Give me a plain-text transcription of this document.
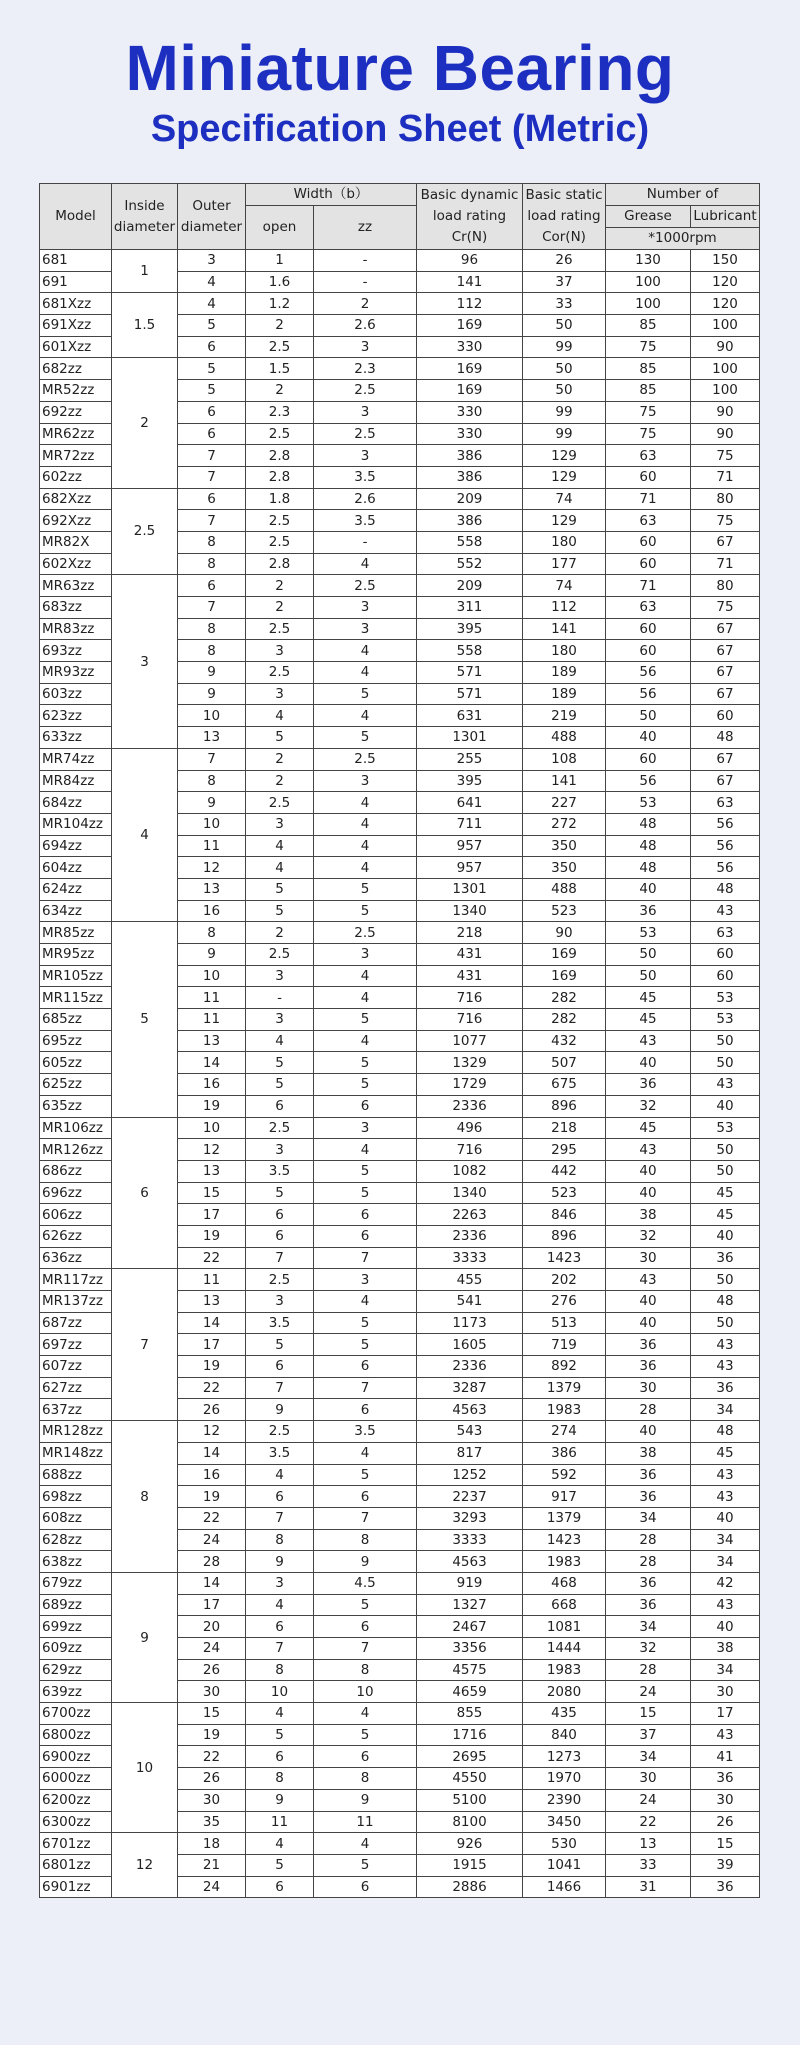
Miniature Bearing
Specification Sheet (Metric)
Model	Inside diameter	Outer diameter	Width（b）		Basic dynamic load rating Cr(N)	Basic static load rating Cor(N)	Number of	
			open	zz			Grease	Lubricant
							*1000rpm	
681	1	3	1	-	96	26	130	150
691		4	1.6	-	141	37	100	120
681Xzz	1.5	4	1.2	2	112	33	100	120
691Xzz		5	2	2.6	169	50	85	100
601Xzz		6	2.5	3	330	99	75	90
682zz	2	5	1.5	2.3	169	50	85	100
MR52zz		5	2	2.5	169	50	85	100
692zz		6	2.3	3	330	99	75	90
MR62zz		6	2.5	2.5	330	99	75	90
MR72zz		7	2.8	3	386	129	63	75
602zz		7	2.8	3.5	386	129	60	71
682Xzz	2.5	6	1.8	2.6	209	74	71	80
692Xzz		7	2.5	3.5	386	129	63	75
MR82X		8	2.5	-	558	180	60	67
602Xzz		8	2.8	4	552	177	60	71
MR63zz	3	6	2	2.5	209	74	71	80
683zz		7	2	3	311	112	63	75
MR83zz		8	2.5	3	395	141	60	67
693zz		8	3	4	558	180	60	67
MR93zz		9	2.5	4	571	189	56	67
603zz		9	3	5	571	189	56	67
623zz		10	4	4	631	219	50	60
633zz		13	5	5	1301	488	40	48
MR74zz	4	7	2	2.5	255	108	60	67
MR84zz		8	2	3	395	141	56	67
684zz		9	2.5	4	641	227	53	63
MR104zz		10	3	4	711	272	48	56
694zz		11	4	4	957	350	48	56
604zz		12	4	4	957	350	48	56
624zz		13	5	5	1301	488	40	48
634zz		16	5	5	1340	523	36	43
MR85zz	5	8	2	2.5	218	90	53	63
MR95zz		9	2.5	3	431	169	50	60
MR105zz		10	3	4	431	169	50	60
MR115zz		11	-	4	716	282	45	53
685zz		11	3	5	716	282	45	53
695zz		13	4	4	1077	432	43	50
605zz		14	5	5	1329	507	40	50
625zz		16	5	5	1729	675	36	43
635zz		19	6	6	2336	896	32	40
MR106zz	6	10	2.5	3	496	218	45	53
MR126zz		12	3	4	716	295	43	50
686zz		13	3.5	5	1082	442	40	50
696zz		15	5	5	1340	523	40	45
606zz		17	6	6	2263	846	38	45
626zz		19	6	6	2336	896	32	40
636zz		22	7	7	3333	1423	30	36
MR117zz	7	11	2.5	3	455	202	43	50
MR137zz		13	3	4	541	276	40	48
687zz		14	3.5	5	1173	513	40	50
697zz		17	5	5	1605	719	36	43
607zz		19	6	6	2336	892	36	43
627zz		22	7	7	3287	1379	30	36
637zz		26	9	6	4563	1983	28	34
MR128zz	8	12	2.5	3.5	543	274	40	48
MR148zz		14	3.5	4	817	386	38	45
688zz		16	4	5	1252	592	36	43
698zz		19	6	6	2237	917	36	43
608zz		22	7	7	3293	1379	34	40
628zz		24	8	8	3333	1423	28	34
638zz		28	9	9	4563	1983	28	34
679zz	9	14	3	4.5	919	468	36	42
689zz		17	4	5	1327	668	36	43
699zz		20	6	6	2467	1081	34	40
609zz		24	7	7	3356	1444	32	38
629zz		26	8	8	4575	1983	28	34
639zz		30	10	10	4659	2080	24	30
6700zz	10	15	4	4	855	435	15	17
6800zz		19	5	5	1716	840	37	43
6900zz		22	6	6	2695	1273	34	41
6000zz		26	8	8	4550	1970	30	36
6200zz		30	9	9	5100	2390	24	30
6300zz		35	11	11	8100	3450	22	26
6701zz	12	18	4	4	926	530	13	15
6801zz		21	5	5	1915	1041	33	39
6901zz		24	6	6	2886	1466	31	36
